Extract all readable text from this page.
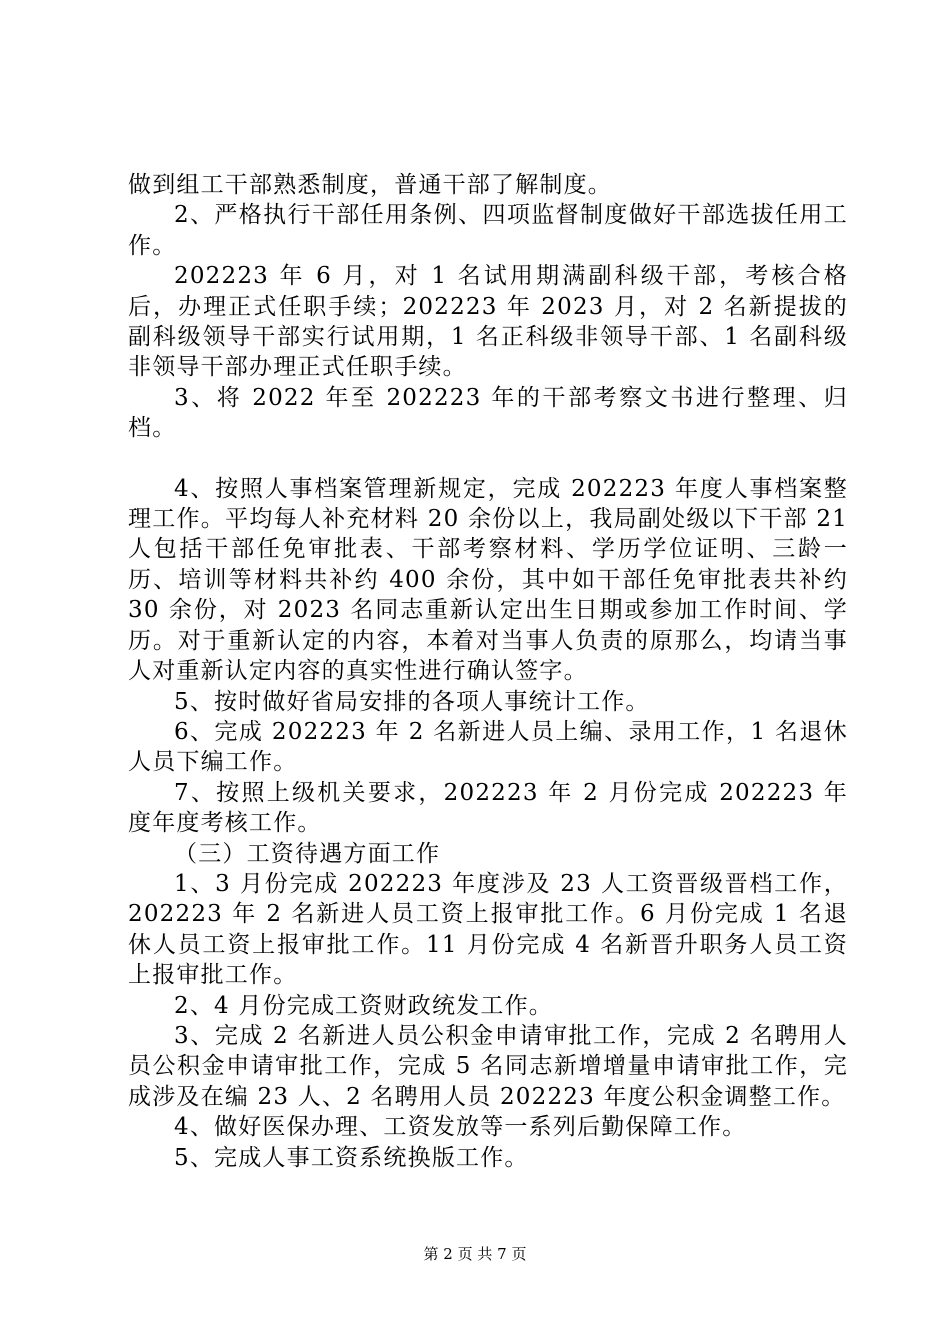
做到组工干部熟悉制度，普通干部了解制度。

2、严格执行干部任用条例、四项监督制度做好干部选拔任用工作。

202223 年 6 月，对 1 名试用期满副科级干部，考核合格后，办理正式任职手续；202223 年 2023 月，对 2 名新提拔的副科级领导干部实行试用期，1 名正科级非领导干部、1 名副科级非领导干部办理正式任职手续。

3、将 2022 年至 202223 年的干部考察文书进行整理、归档。

4、按照人事档案管理新规定，完成 202223 年度人事档案整理工作。平均每人补充材料 20 余份以上，我局副处级以下干部 21 人包括干部任免审批表、干部考察材料、学历学位证明、三龄一历、培训等材料共补约 400 余份，其中如干部任免审批表共补约 30 余份，对 2023 名同志重新认定出生日期或参加工作时间、学历。对于重新认定的内容，本着对当事人负责的原那么，均请当事人对重新认定内容的真实性进行确认签字。

5、按时做好省局安排的各项人事统计工作。

6、完成 202223 年 2 名新进人员上编、录用工作，1 名退休人员下编工作。

7、按照上级机关要求，202223 年 2 月份完成 202223 年度年度考核工作。

（三）工资待遇方面工作

1、3 月份完成 202223 年度涉及 23 人工资晋级晋档工作，202223 年 2 名新进人员工资上报审批工作。6 月份完成 1 名退休人员工资上报审批工作。11 月份完成 4 名新晋升职务人员工资上报审批工作。

2、4 月份完成工资财政统发工作。

3、完成 2 名新进人员公积金申请审批工作，完成 2 名聘用人员公积金申请审批工作，完成 5 名同志新增增量申请审批工作，完成涉及在编 23 人、2 名聘用人员 202223 年度公积金调整工作。

4、做好医保办理、工资发放等一系列后勤保障工作。

5、完成人事工资系统换版工作。

第 2 页 共 7 页
